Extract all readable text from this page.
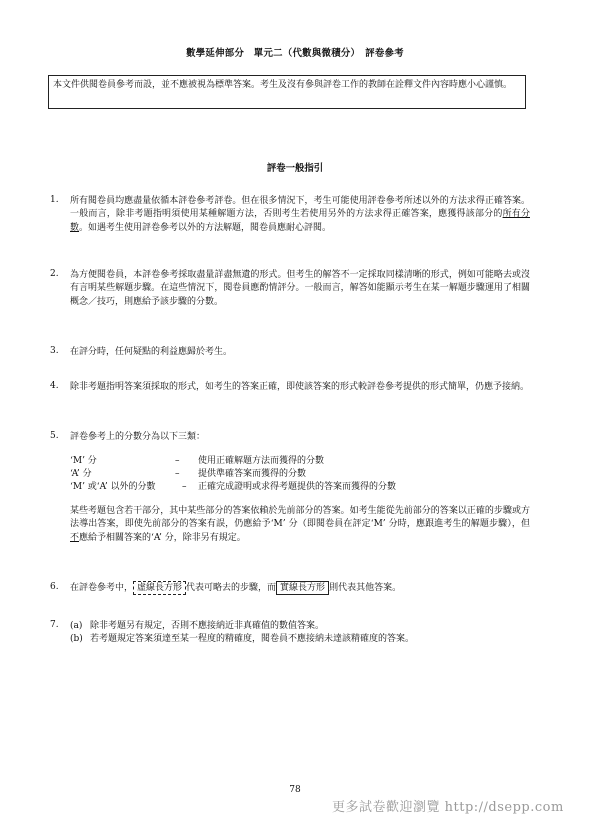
數學延伸部分　單元二（代數與微積分）　評卷參考
本文件供閱卷員參考而設，並不應被視為標準答案。考生及沒有參與評卷工作的教師在詮釋文件內容時應小心謹慎。
評卷一般指引
1. 所有閱卷員均應盡量依循本評卷參考評卷。但在很多情況下，考生可能使用評卷參考所述以外的方法求得正確答案。一般而言，除非考題指明須使用某種解題方法，否則考生若使用另外的方法求得正確答案，應獲得該部分的所有分數。如遇考生使用評卷參考以外的方法解題，閱卷員應耐心評閱。
2. 為方便閱卷員，本評卷參考採取盡量詳盡無遺的形式。但考生的解答不一定採取同樣清晰的形式，例如可能略去或沒有言明某些解題步驟。在這些情況下，閱卷員應酌情評分。一般而言，解答如能顯示考生在某一解題步驟運用了相關概念／技巧，則應給予該步驟的分數。
3. 在評分時，任何疑點的利益應歸於考生。
4. 除非考題指明答案須採取的形式，如考生的答案正確，即使該答案的形式較評卷參考提供的形式簡單，仍應予接納。
5. 評卷參考上的分數分為以下三類：
‘M’ 分	– 使用正確解題方法而獲得的分數
‘A’ 分	– 提供準確答案而獲得的分數
‘M’ 或‘A’ 以外的分數	– 正確完成證明或求得考題提供的答案而獲得的分數
某些考題包含若干部分，其中某些部分的答案依賴於先前部分的答案。如考生能從先前部分的答案以正確的步驟或方法導出答案，即使先前部分的答案有誤，仍應給予‘M’ 分（即閱卷員在評定‘M’ 分時，應跟進考生的解題步驟），但不應給予相關答案的‘A’ 分，除非另有規定。
6. 在評卷參考中， 虛線長方形 代表可略去的步驟，而 實線長方形 則代表其他答案。
7. (a) 除非考題另有規定，否則不應接納近非真確值的數值答案。
(b) 若考題規定答案須達至某一程度的精確度，閱卷員不應接納未達該精確度的答案。
78
更多試卷歡迎瀏覽 http://dsepp.com
